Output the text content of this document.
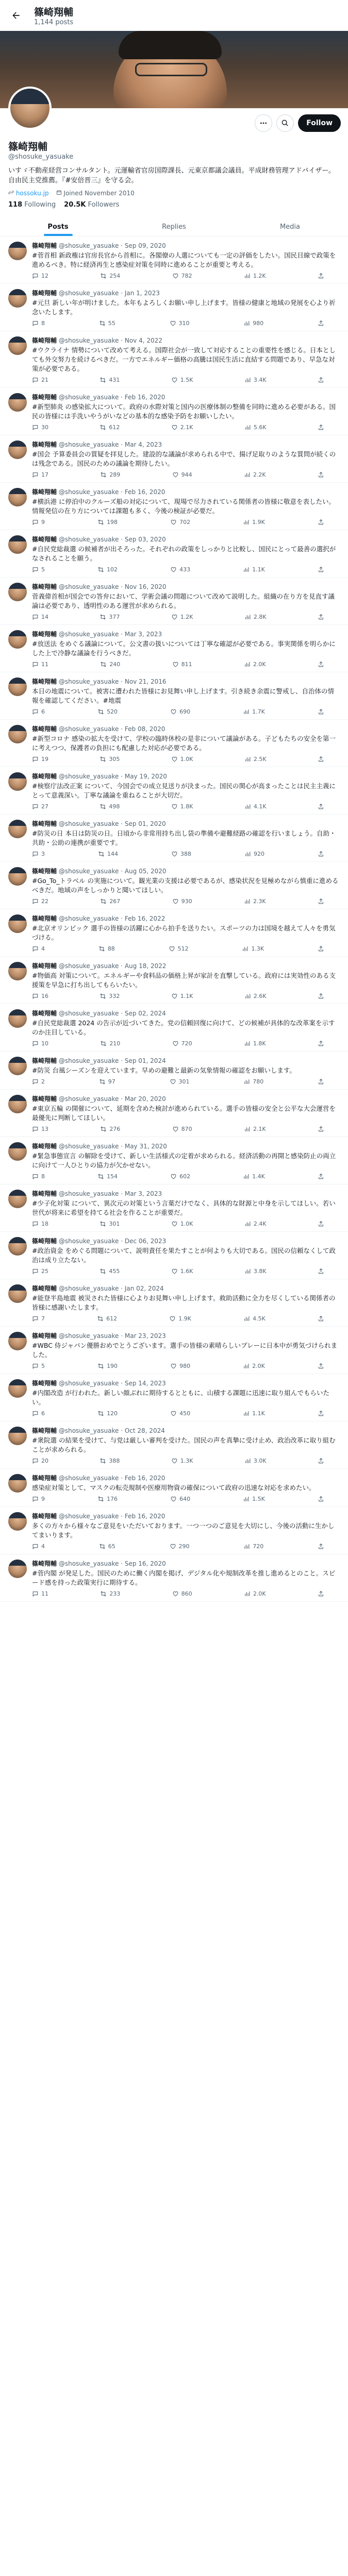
篠崎翔輔
1,144 posts
Follow
篠崎翔輔
@shosuke_yasuake
いすゞ不動産経営コンサルタント。元運輸省官房国際課長、元東京都議会議員。平成財務管理アドバイザー。自由民主党推薦。『#安倍晋三』を守る会。
hossoku.jp	Joined November 2010
118 Following 20.5K Followers
Posts	Replies	Media
篠崎翔輔 @shosuke_yasuake · Sep 09, 2020
#菅首相 新政権は官房長官から首相に。各閣僚の人選についても一定の評価をしたい。国民目線で政策を進めるべき。特に経済再生と感染症対策を同時に進めることが重要と考える。
12	254	782	1.2K
篠崎翔輔 @shosuke_yasuake · Jan 1, 2023
#元旦 新しい年が明けました。本年もよろしくお願い申し上げます。皆様の健康と地域の発展を心より祈念いたします。
8	55	310	980
篠崎翔輔 @shosuke_yasuake · Nov 4, 2022
#ウクライナ 情勢について改めて考える。国際社会が一致して対応することの重要性を感じる。日本としても外交努力を続けるべきだ。一方でエネルギー価格の高騰は国民生活に直結する問題であり、早急な対策が必要である。
21	431	1.5K	3.4K
篠崎翔輔 @shosuke_yasuake · Feb 16, 2020
#新型肺炎 の感染拡大について。政府の水際対策と国内の医療体制の整備を同時に進める必要がある。国民の皆様には手洗いやうがいなどの基本的な感染予防をお願いしたい。
30	612	2.1K	5.6K
篠崎翔輔 @shosuke_yasuake · Mar 4, 2023
#国会 予算委員会の質疑を拝見した。建設的な議論が求められる中で、揚げ足取りのような質問が続くのは残念である。国民のための議論を期待したい。
17	289	944	2.2K
篠崎翔輔 @shosuke_yasuake · Feb 16, 2020
#横浜港 に停泊中のクルーズ船の対応について、現場で尽力されている関係者の皆様に敬意を表したい。情報発信の在り方については課題も多く、今後の検証が必要だ。
9	198	702	1.9K
篠崎翔輔 @shosuke_yasuake · Sep 03, 2020
#自民党総裁選 の候補者が出そろった。それぞれの政策をしっかりと比較し、国民にとって最善の選択がなされることを願う。
5	102	433	1.1K
篠崎翔輔 @shosuke_yasuake · Nov 16, 2020
菅義偉首相が国会での答弁において、学術会議の問題について改めて説明した。組織の在り方を見直す議論は必要であり、透明性のある運営が求められる。
14	377	1.2K	2.8K
篠崎翔輔 @shosuke_yasuake · Mar 3, 2023
#放送法 をめぐる議論について。公文書の扱いについては丁寧な確認が必要である。事実関係を明らかにした上で冷静な議論を行うべきだ。
11	240	811	2.0K
篠崎翔輔 @shosuke_yasuake · Nov 21, 2016
本日の地震について。被害に遭われた皆様にお見舞い申し上げます。引き続き余震に警戒し、自治体の情報を確認してください。#地震
6	520	690	1.7K
篠崎翔輔 @shosuke_yasuake · Feb 08, 2020
#新型コロナ 感染の拡大を受けて、学校の臨時休校の是非について議論がある。子どもたちの安全を第一に考えつつ、保護者の負担にも配慮した対応が必要である。
19	305	1.0K	2.5K
篠崎翔輔 @shosuke_yasuake · May 19, 2020
#検察庁法改正案 について、今国会での成立見送りが決まった。国民の関心が高まったことは民主主義にとって意義深い。丁寧な議論を重ねることが大切だ。
27	498	1.8K	4.1K
篠崎翔輔 @shosuke_yasuake · Sep 01, 2020
#防災の日 本日は防災の日。日頃から非常用持ち出し袋の準備や避難経路の確認を行いましょう。自助・共助・公助の連携が重要です。
3	144	388	920
篠崎翔輔 @shosuke_yasuake · Aug 05, 2020
#Go_To_トラベル の実施について。観光業の支援は必要であるが、感染状況を見極めながら慎重に進めるべきだ。地域の声をしっかりと聞いてほしい。
22	267	930	2.3K
篠崎翔輔 @shosuke_yasuake · Feb 16, 2022
#北京オリンピック 選手の皆様の活躍に心から拍手を送りたい。スポーツの力は国境を越えて人々を勇気づける。
4	88	512	1.3K
篠崎翔輔 @shosuke_yasuake · Aug 18, 2022
#物価高 対策について。エネルギーや食料品の価格上昇が家計を直撃している。政府には実効性のある支援策を早急に打ち出してもらいたい。
16	332	1.1K	2.6K
篠崎翔輔 @shosuke_yasuake · Sep 02, 2024
#自民党総裁選 2024 の告示が近づいてきた。党の信頼回復に向けて、どの候補が具体的な改革案を示すのか注目している。
10	210	720	1.8K
篠崎翔輔 @shosuke_yasuake · Sep 01, 2024
#防災 台風シーズンを迎えています。早めの避難と最新の気象情報の確認をお願いします。
2	97	301	780
篠崎翔輔 @shosuke_yasuake · Mar 20, 2020
#東京五輪 の開催について、延期を含めた検討が進められている。選手の皆様の安全と公平な大会運営を最優先に判断してほしい。
13	276	870	2.1K
篠崎翔輔 @shosuke_yasuake · May 31, 2020
#緊急事態宣言 の解除を受けて、新しい生活様式の定着が求められる。経済活動の再開と感染防止の両立に向けて一人ひとりの協力が欠かせない。
8	154	602	1.4K
篠崎翔輔 @shosuke_yasuake · Mar 3, 2023
#少子化対策 について、異次元の対策という言葉だけでなく、具体的な財源と中身を示してほしい。若い世代が将来に希望を持てる社会を作ることが重要だ。
18	301	1.0K	2.4K
篠崎翔輔 @shosuke_yasuake · Dec 06, 2023
#政治資金 をめぐる問題について、説明責任を果たすことが何よりも大切である。国民の信頼なくして政治は成り立たない。
25	455	1.6K	3.8K
篠崎翔輔 @shosuke_yasuake · Jan 02, 2024
#能登半島地震 被災された皆様に心よりお見舞い申し上げます。救助活動に全力を尽くしている関係者の皆様に感謝いたします。
7	612	1.9K	4.5K
篠崎翔輔 @shosuke_yasuake · Mar 23, 2023
#WBC 侍ジャパン優勝おめでとうございます。選手の皆様の素晴らしいプレーに日本中が勇気づけられました。
5	190	980	2.0K
篠崎翔輔 @shosuke_yasuake · Sep 14, 2023
#内閣改造 が行われた。新しい顔ぶれに期待するとともに、山積する課題に迅速に取り組んでもらいたい。
6	120	450	1.1K
篠崎翔輔 @shosuke_yasuake · Oct 28, 2024
#衆院選 の結果を受けて、与党は厳しい審判を受けた。国民の声を真摯に受け止め、政治改革に取り組むことが求められる。
20	388	1.3K	3.0K
篠崎翔輔 @shosuke_yasuake · Feb 16, 2020
感染症対策として、マスクの転売規制や医療用物資の確保について政府の迅速な対応を求めたい。
9	176	640	1.5K
篠崎翔輔 @shosuke_yasuake · Feb 16, 2020
多くの方々から様々なご意見をいただいております。一つ一つのご意見を大切にし、今後の活動に生かしてまいります。
4	65	290	720
篠崎翔輔 @shosuke_yasuake · Sep 16, 2020
#菅内閣 が発足した。国民のために働く内閣を掲げ、デジタル化や規制改革を推し進めるとのこと。スピード感を持った政策実行に期待する。
11	233	860	2.0K
